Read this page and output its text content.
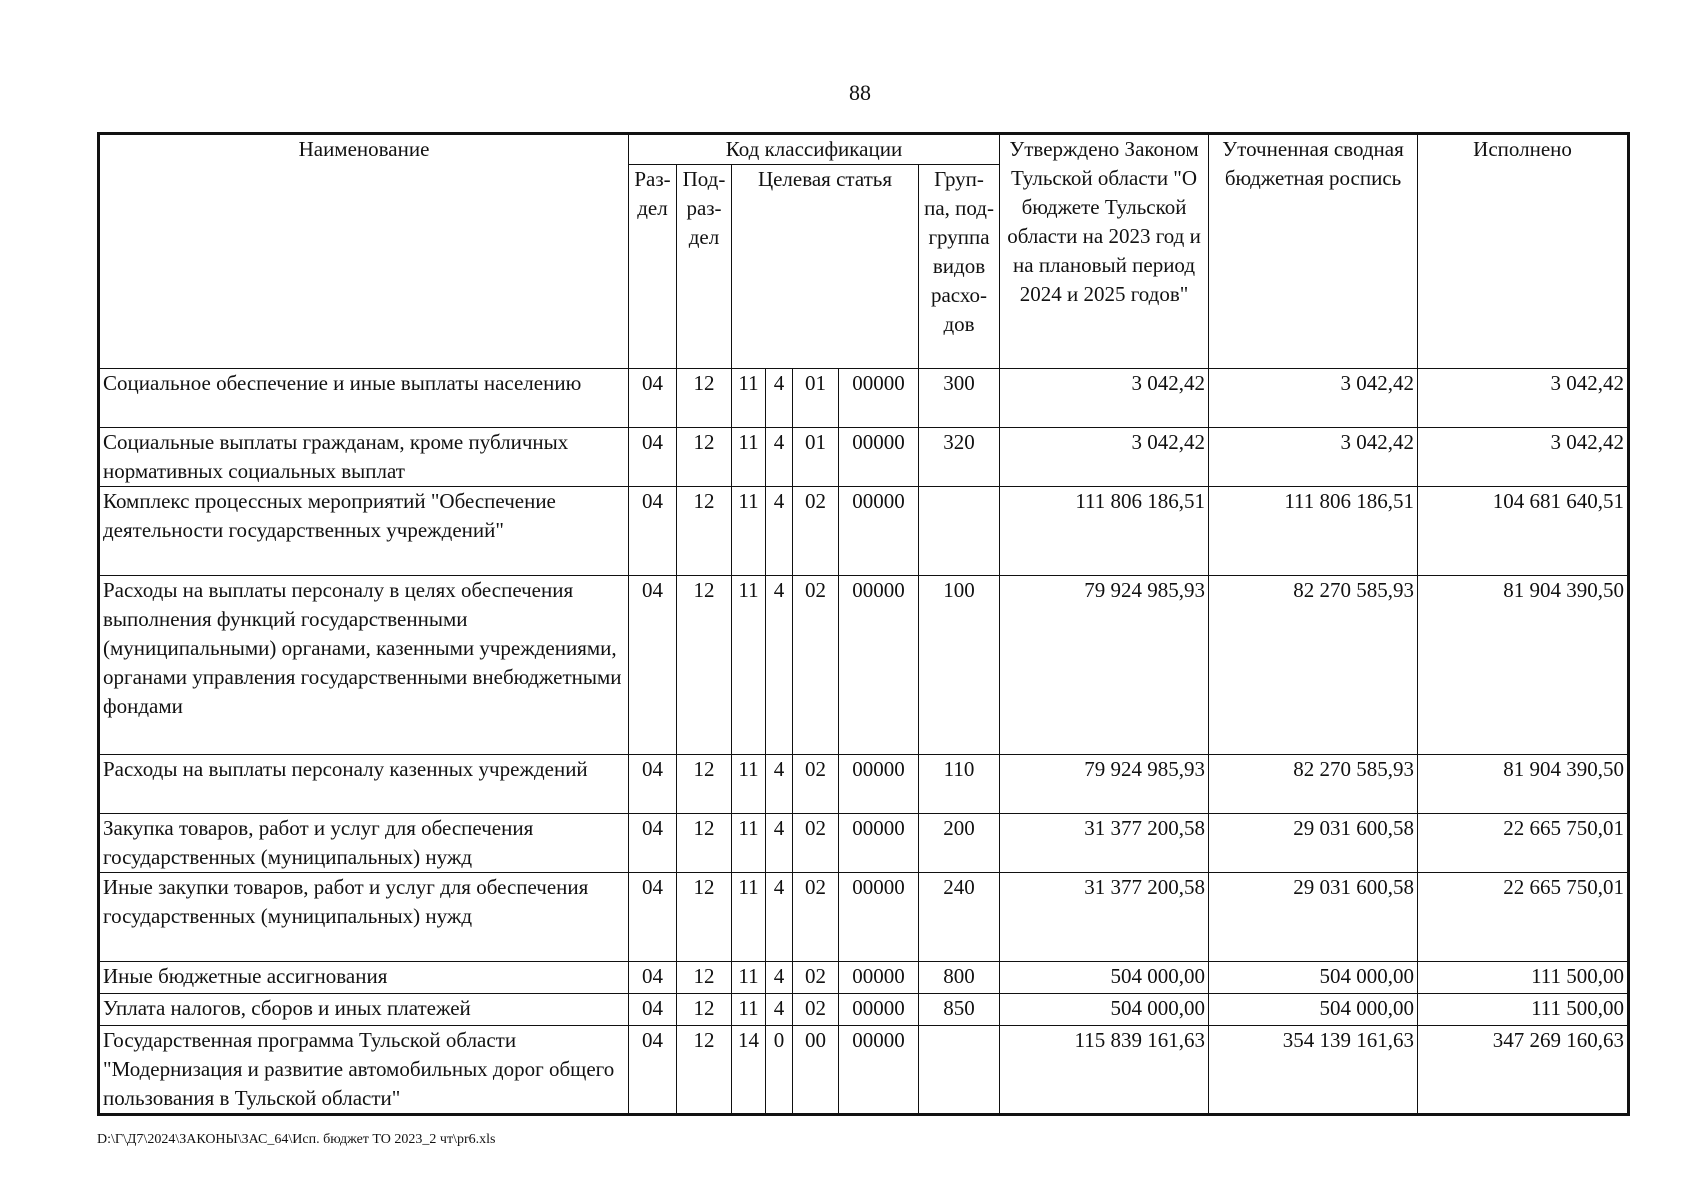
88
Наименование	Код классификации							Утверждено Законом Тульской области "О бюджете Тульской области на 2023 год и на плановый период 2024 и 2025 годов"	Уточненная сводная бюджетная роспись	Исполнено
	Раз-дел	Под-раз-дел	Целевая статья				Груп-па, под-группа видов расхо-дов			
Социальное обеспечение и иные выплаты населению	04	12	11	4	01	00000	300	3 042,42	3 042,42	3 042,42
Социальные выплаты гражданам, кроме публичных нормативных социальных выплат	04	12	11	4	01	00000	320	3 042,42	3 042,42	3 042,42
Комплекс процессных мероприятий "Обеспечение деятельности государственных учреждений"	04	12	11	4	02	00000		111 806 186,51	111 806 186,51	104 681 640,51
Расходы на выплаты персоналу в целях обеспечения выполнения функций государственными (муниципальными) органами, казенными учреждениями, органами управления государственными внебюджетными фондами	04	12	11	4	02	00000	100	79 924 985,93	82 270 585,93	81 904 390,50
Расходы на выплаты персоналу казенных учреждений	04	12	11	4	02	00000	110	79 924 985,93	82 270 585,93	81 904 390,50
Закупка товаров, работ и услуг для обеспечения государственных (муниципальных) нужд	04	12	11	4	02	00000	200	31 377 200,58	29 031 600,58	22 665 750,01
Иные закупки товаров, работ и услуг для обеспечения государственных (муниципальных) нужд	04	12	11	4	02	00000	240	31 377 200,58	29 031 600,58	22 665 750,01
Иные бюджетные ассигнования	04	12	11	4	02	00000	800	504 000,00	504 000,00	111 500,00
Уплата налогов, сборов и иных платежей	04	12	11	4	02	00000	850	504 000,00	504 000,00	111 500,00
Государственная программа Тульской области "Модернизация и развитие автомобильных дорог общего пользования в Тульской области"	04	12	14	0	00	00000		115 839 161,63	354 139 161,63	347 269 160,63
D:\Г\Д7\2024\ЗАКОНЫ\ЗАС_64\Исп. бюджет ТО 2023_2 чт\pr6.xls
